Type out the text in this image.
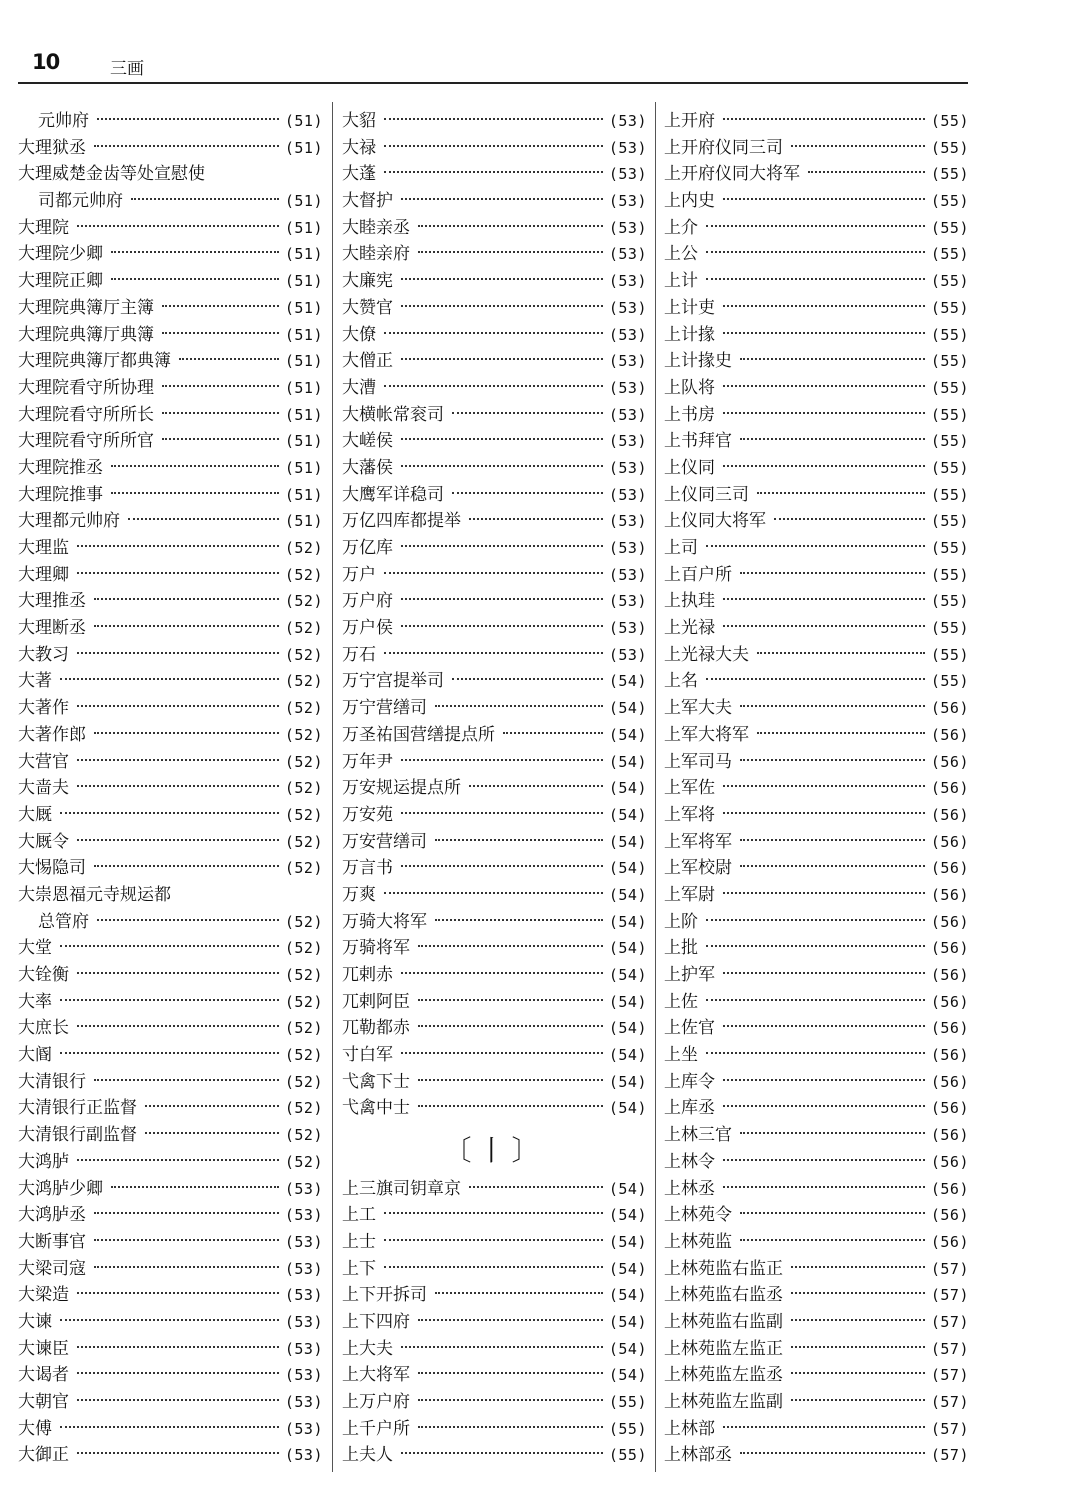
10	三画
元帅府	(51)
大理狱丞	(51)
大理威楚金齿等处宣慰使
司都元帅府	(51)
大理院	(51)
大理院少卿	(51)
大理院正卿	(51)
大理院典簿厅主簿	(51)
大理院典簿厅典簿	(51)
大理院典簿厅都典簿	(51)
大理院看守所协理	(51)
大理院看守所所长	(51)
大理院看守所所官	(51)
大理院推丞	(51)
大理院推事	(51)
大理都元帅府	(51)
大理监	(52)
大理卿	(52)
大理推丞	(52)
大理断丞	(52)
大教习	(52)
大著	(52)
大著作	(52)
大著作郎	(52)
大营官	(52)
大啬夫	(52)
大厩	(52)
大厩令	(52)
大惕隐司	(52)
大崇恩福元寺规运都
总管府	(52)
大堂	(52)
大铨衡	(52)
大率	(52)
大庶长	(52)
大阍	(52)
大清银行	(52)
大清银行正监督	(52)
大清银行副监督	(52)
大鸿胪	(52)
大鸿胪少卿	(53)
大鸿胪丞	(53)
大断事官	(53)
大梁司寇	(53)
大梁造	(53)
大谏	(53)
大谏臣	(53)
大谒者	(53)
大朝官	(53)
大傅	(53)
大御正	(53)
大貂	(53)
大禄	(53)
大蓬	(53)
大督护	(53)
大睦亲丞	(53)
大睦亲府	(53)
大廉宪	(53)
大赞官	(53)
大僚	(53)
大僧正	(53)
大漕	(53)
大横帐常衮司	(53)
大嵯侯	(53)
大藩侯	(53)
大鹰军详稳司	(53)
万亿四库都提举	(53)
万亿库	(53)
万户	(53)
万户府	(53)
万户侯	(53)
万石	(53)
万宁宫提举司	(54)
万宁营缮司	(54)
万圣祐国营缮提点所	(54)
万年尹	(54)
万安规运提点所	(54)
万安苑	(54)
万安营缮司	(54)
万言书	(54)
万爽	(54)
万骑大将军	(54)
万骑将军	(54)
兀剌赤	(54)
兀剌阿臣	(54)
兀勒都赤	(54)
寸白军	(54)
弋禽下士	(54)
弋禽中士	(54)
〔丨〕
上三旗司钥章京	(54)
上工	(54)
上士	(54)
上下	(54)
上下开拆司	(54)
上下四府	(54)
上大夫	(54)
上大将军	(54)
上万户府	(55)
上千户所	(55)
上夫人	(55)
上开府	(55)
上开府仪同三司	(55)
上开府仪同大将军	(55)
上内史	(55)
上介	(55)
上公	(55)
上计	(55)
上计吏	(55)
上计掾	(55)
上计掾史	(55)
上队将	(55)
上书房	(55)
上书拜官	(55)
上仪同	(55)
上仪同三司	(55)
上仪同大将军	(55)
上司	(55)
上百户所	(55)
上执珪	(55)
上光禄	(55)
上光禄大夫	(55)
上名	(55)
上军大夫	(56)
上军大将军	(56)
上军司马	(56)
上军佐	(56)
上军将	(56)
上军将军	(56)
上军校尉	(56)
上军尉	(56)
上阶	(56)
上批	(56)
上护军	(56)
上佐	(56)
上佐官	(56)
上坐	(56)
上库令	(56)
上库丞	(56)
上林三官	(56)
上林令	(56)
上林丞	(56)
上林苑令	(56)
上林苑监	(56)
上林苑监右监正	(57)
上林苑监右监丞	(57)
上林苑监右监副	(57)
上林苑监左监正	(57)
上林苑监左监丞	(57)
上林苑监左监副	(57)
上林部	(57)
上林部丞	(57)
